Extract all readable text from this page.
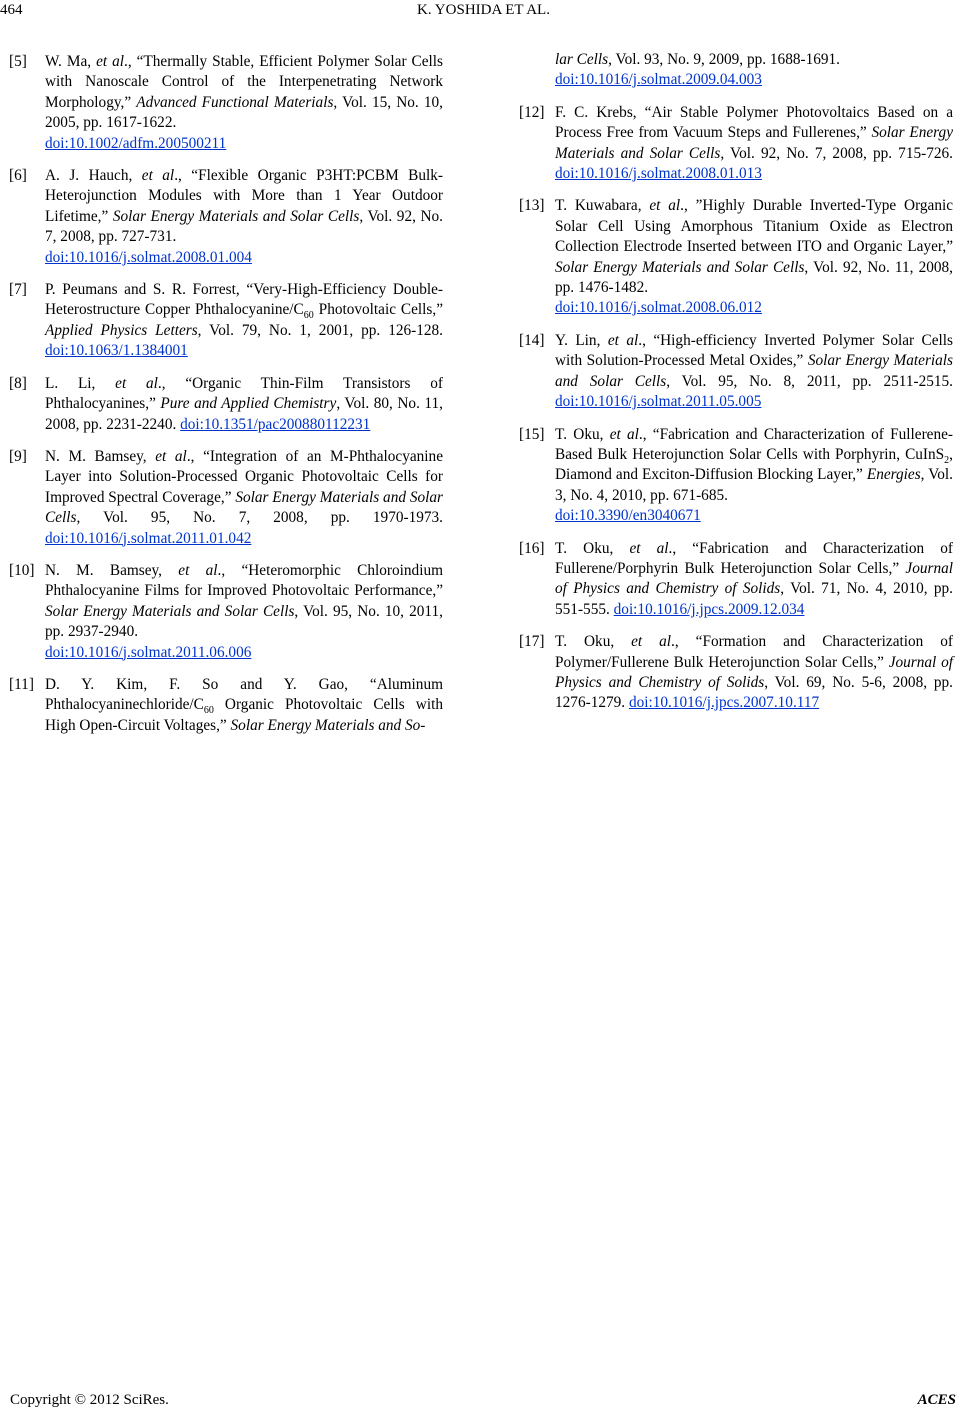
464	K. YOSHIDA ET AL.
[5] W. Ma, et al., “Thermally Stable, Efficient Polymer Solar Cells with Nanoscale Control of the Interpenetrating Network Morphology,” Advanced Functional Materials, Vol. 15, No. 10, 2005, pp. 1617-1622.
doi:10.1002/adfm.200500211
[6] A. J. Hauch, et al., “Flexible Organic P3HT:PCBM Bulk-Heterojunction Modules with More than 1 Year Outdoor Lifetime,” Solar Energy Materials and Solar Cells, Vol. 92, No. 7, 2008, pp. 727-731.
doi:10.1016/j.solmat.2008.01.004
[7] P. Peumans and S. R. Forrest, “Very-High-Efficiency Double-Heterostructure Copper Phthalocyanine/$C_{60}$ Photovoltaic Cells,” Applied Physics Letters, Vol. 79, No. 1, 2001, pp. 126-128. doi:10.1063/1.1384001
[8] L. Li, et al., “Organic Thin-Film Transistors of Phthalocyanines,” Pure and Applied Chemistry, Vol. 80, No. 11, 2008, pp. 2231-2240. doi:10.1351/pac200880112231
[9] N. M. Bamsey, et al., “Integration of an M-Phthalocyanine Layer into Solution-Processed Organic Photovoltaic Cells for Improved Spectral Coverage,” Solar Energy Materials and Solar Cells, Vol. 95, No. 7, 2008, pp. 1970-1973. doi:10.1016/j.solmat.2011.01.042
[10] N. M. Bamsey, et al., “Heteromorphic Chloroindium Phthalocyanine Films for Improved Photovoltaic Performance,” Solar Energy Materials and Solar Cells, Vol. 95, No. 10, 2011, pp. 2937-2940.
doi:10.1016/j.solmat.2011.06.006
[11] D. Y. Kim, F. So and Y. Gao, “Aluminum Phthalocyaninechloride/$C_{60}$ Organic Photovoltaic Cells with High Open-Circuit Voltages,” Solar Energy Materials and So-
lar Cells, Vol. 93, No. 9, 2009, pp. 1688-1691.
doi:10.1016/j.solmat.2009.04.003
[12] F. C. Krebs, “Air Stable Polymer Photovoltaics Based on a Process Free from Vacuum Steps and Fullerenes,” Solar Energy Materials and Solar Cells, Vol. 92, No. 7, 2008, pp. 715-726. doi:10.1016/j.solmat.2008.01.013
[13] T. Kuwabara, et al., ”Highly Durable Inverted-Type Organic Solar Cell Using Amorphous Titanium Oxide as Electron Collection Electrode Inserted between ITO and Organic Layer,” Solar Energy Materials and Solar Cells, Vol. 92, No. 11, 2008, pp. 1476-1482.
doi:10.1016/j.solmat.2008.06.012
[14] Y. Lin, et al., “High-efficiency Inverted Polymer Solar Cells with Solution-Processed Metal Oxides,” Solar Energy Materials and Solar Cells, Vol. 95, No. 8, 2011, pp. 2511-2515. doi:10.1016/j.solmat.2011.05.005
[15] T. Oku, et al., “Fabrication and Characterization of Fullerene-Based Bulk Heterojunction Solar Cells with Porphyrin, CuInS$_2$, Diamond and Exciton-Diffusion Blocking Layer,” Energies, Vol. 3, No. 4, 2010, pp. 671-685.
doi:10.3390/en3040671
[16] T. Oku, et al., “Fabrication and Characterization of Fullerene/Porphyrin Bulk Heterojunction Solar Cells,” Journal of Physics and Chemistry of Solids, Vol. 71, No. 4, 2010, pp. 551-555. doi:10.1016/j.jpcs.2009.12.034
[17] T. Oku, et al., “Formation and Characterization of Polymer/Fullerene Bulk Heterojunction Solar Cells,” Journal of Physics and Chemistry of Solids, Vol. 69, No. 5-6, 2008, pp. 1276-1279. doi:10.1016/j.jpcs.2007.10.117
Copyright © 2012 SciRes.	ACES
